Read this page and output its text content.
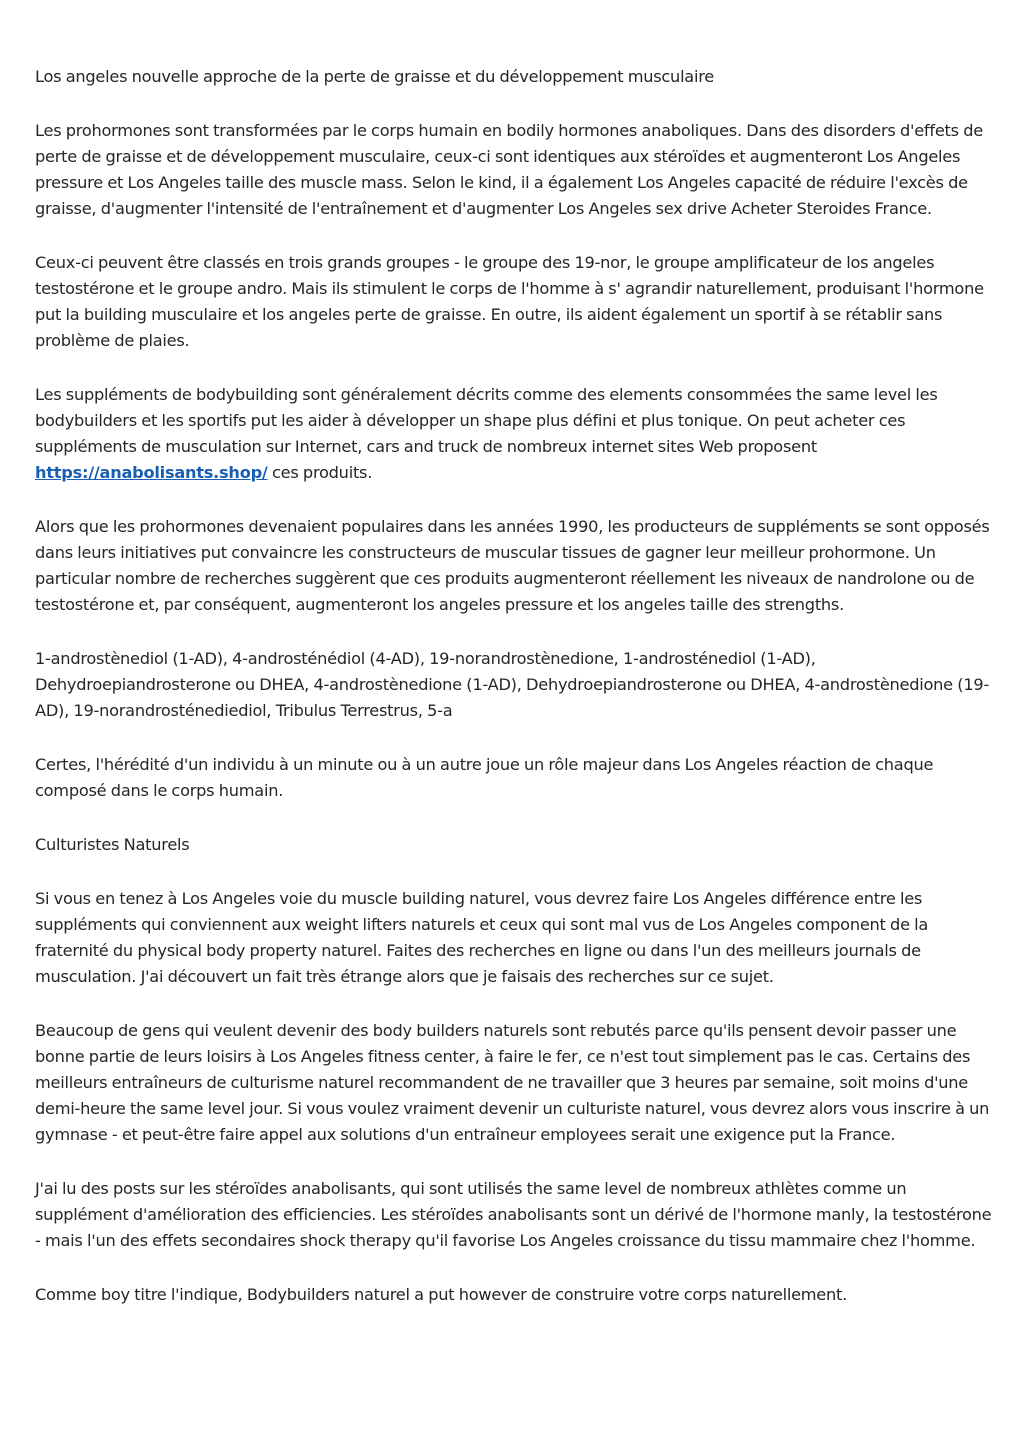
Los angeles nouvelle approche de la perte de graisse et du développement musculaire

Les prohormones sont transformées par le corps humain en bodily hormones anaboliques. Dans des disorders d'effets de perte de graisse et de développement musculaire, ceux-ci sont identiques aux stéroïdes et augmenteront Los Angeles pressure et Los Angeles taille des muscle mass. Selon le kind, il a également Los Angeles capacité de réduire l'excès de graisse, d'augmenter l'intensité de l'entraînement et d'augmenter Los Angeles sex drive Acheter Steroides France.

Ceux-ci peuvent être classés en trois grands groupes - le groupe des 19-nor, le groupe amplificateur de los angeles testostérone et le groupe andro. Mais ils stimulent le corps de l'homme à s' agrandir naturellement, produisant l'hormone put la building musculaire et los angeles perte de graisse. En outre, ils aident également un sportif à se rétablir sans problème de plaies.

Les suppléments de bodybuilding sont généralement décrits comme des elements consommées the same level les bodybuilders et les sportifs put les aider à développer un shape plus défini et plus tonique. On peut acheter ces suppléments de musculation sur Internet, cars and truck de nombreux internet sites Web proposent https://anabolisants.shop/ ces produits.

Alors que les prohormones devenaient populaires dans les années 1990, les producteurs de suppléments se sont opposés dans leurs initiatives put convaincre les constructeurs de muscular tissues de gagner leur meilleur prohormone. Un particular nombre de recherches suggèrent que ces produits augmenteront réellement les niveaux de nandrolone ou de testostérone et, par conséquent, augmenteront los angeles pressure et los angeles taille des strengths.

1-androstènediol (1-AD), 4-androsténédiol (4-AD), 19-norandrostènedione, 1-androsténediol (1-AD), Dehydroepiandrosterone ou DHEA, 4-androstènedione (1-AD), Dehydroepiandrosterone ou DHEA, 4-androstènedione (19-AD), 19-norandrosténediediol, Tribulus Terrestrus, 5-a

Certes, l'hérédité d'un individu à un minute ou à un autre joue un rôle majeur dans Los Angeles réaction de chaque composé dans le corps humain.

Culturistes Naturels

Si vous en tenez à Los Angeles voie du muscle building naturel, vous devrez faire Los Angeles différence entre les suppléments qui conviennent aux weight lifters naturels et ceux qui sont mal vus de Los Angeles component de la fraternité du physical body property naturel. Faites des recherches en ligne ou dans l'un des meilleurs journals de musculation. J'ai découvert un fait très étrange alors que je faisais des recherches sur ce sujet.

Beaucoup de gens qui veulent devenir des body builders naturels sont rebutés parce qu'ils pensent devoir passer une bonne partie de leurs loisirs à Los Angeles fitness center, à faire le fer, ce n'est tout simplement pas le cas. Certains des meilleurs entraîneurs de culturisme naturel recommandent de ne travailler que 3 heures par semaine, soit moins d'une demi-heure the same level jour. Si vous voulez vraiment devenir un culturiste naturel, vous devrez alors vous inscrire à un gymnase - et peut-être faire appel aux solutions d'un entraîneur employees serait une exigence put la France.

J'ai lu des posts sur les stéroïdes anabolisants, qui sont utilisés the same level de nombreux athlètes comme un supplément d'amélioration des efficiencies. Les stéroïdes anabolisants sont un dérivé de l'hormone manly, la testostérone - mais l'un des effets secondaires shock therapy qu'il favorise Los Angeles croissance du tissu mammaire chez l'homme.

Comme boy titre l'indique, Bodybuilders naturel a put however de construire votre corps naturellement.
